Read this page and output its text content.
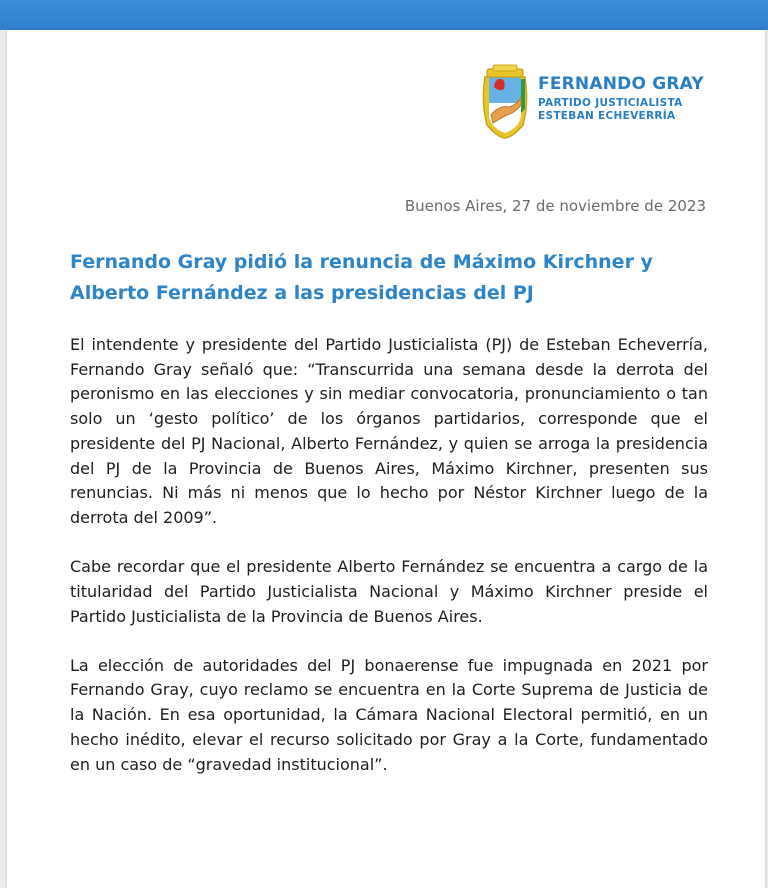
FERNANDO GRAY
PARTIDO JUSTICIALISTA
ESTEBAN ECHEVERRÍA
Buenos Aires, 27 de noviembre de 2023
Fernando Gray pidió la renuncia de Máximo Kirchner y Alberto Fernández a las presidencias del PJ

El intendente y presidente del Partido Justicialista (PJ) de Esteban Echeverría, Fernando Gray señaló que: “Transcurrida una semana desde la derrota del peronismo en las elecciones y sin mediar convocatoria, pronunciamiento o tan solo un ‘gesto político’ de los órganos partidarios, corresponde que el presidente del PJ Nacional, Alberto Fernández, y quien se arroga la presidencia del PJ de la Provincia de Buenos Aires, Máximo Kirchner, presenten sus renuncias. Ni más ni menos que lo hecho por Néstor Kirchner luego de la derrota del 2009”.

Cabe recordar que el presidente Alberto Fernández se encuentra a cargo de la titularidad del Partido Justicialista Nacional y Máximo Kirchner preside el Partido Justicialista de la Provincia de Buenos Aires.

La elección de autoridades del PJ bonaerense fue impugnada en 2021 por Fernando Gray, cuyo reclamo se encuentra en la Corte Suprema de Justicia de la Nación. En esa oportunidad, la Cámara Nacional Electoral permitió, en un hecho inédito, elevar el recurso solicitado por Gray a la Corte, fundamentado en un caso de “gravedad institucional”.
